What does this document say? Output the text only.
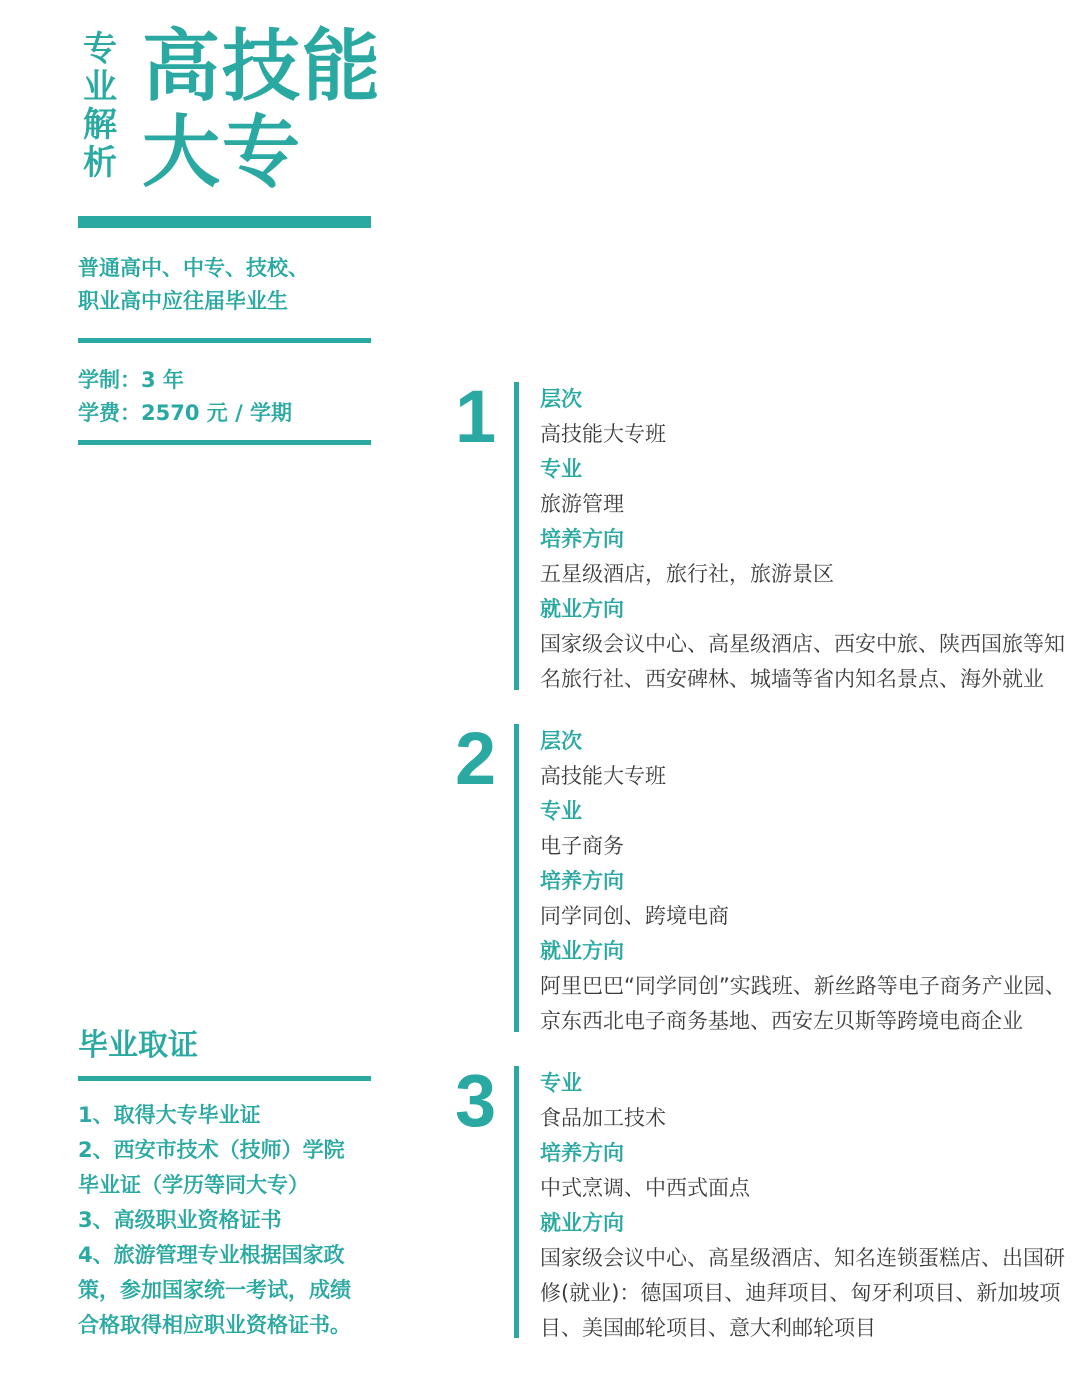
专
业
解
析
高技能
大专
普通高中、中专、技校、
职业高中应往届毕业生
学制：3 年
学费：2570 元 / 学期
毕业取证
1、取得大专毕业证
2、西安市技术（技师）学院
毕业证（学历等同大专）
3、高级职业资格证书
4、旅游管理专业根据国家政
策，参加国家统一考试，成绩
合格取得相应职业资格证书。
1 层次
高技能大专班
专业
旅游管理
培养方向
五星级酒店，旅行社，旅游景区
就业方向
国家级会议中心、高星级酒店、西安中旅、陕西国旅等知名旅行社、西安碑林、城墙等省内知名景点、海外就业
2 层次
高技能大专班
专业
电子商务
培养方向
同学同创、跨境电商
就业方向
阿里巴巴“同学同创”实践班、新丝路等电子商务产业园、京东西北电子商务基地、西安左贝斯等跨境电商企业
3 专业
食品加工技术
培养方向
中式烹调、中西式面点
就业方向
国家级会议中心、高星级酒店、知名连锁蛋糕店、出国研修(就业)：德国项目、迪拜项目、匈牙利项目、新加坡项目、美国邮轮项目、意大利邮轮项目
